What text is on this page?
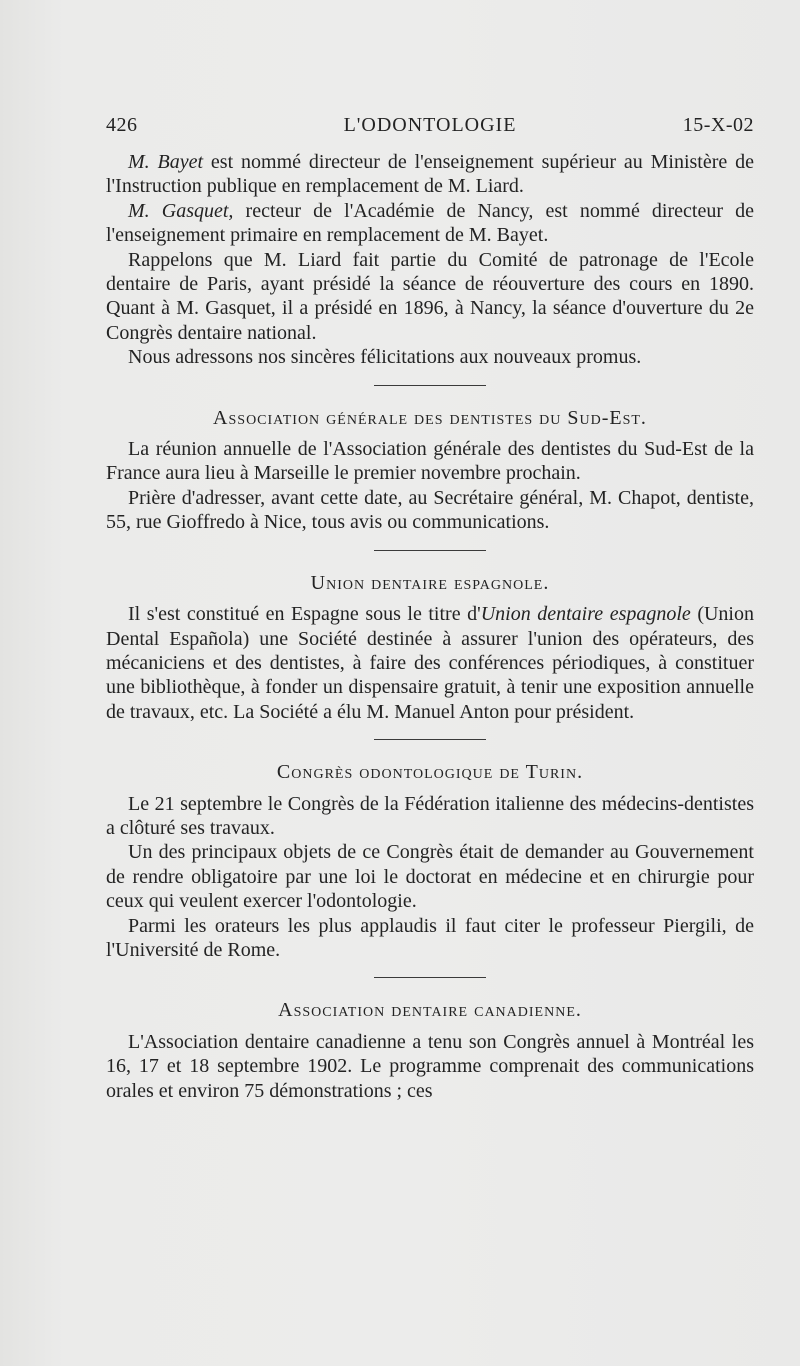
426	L'ODONTOLOGIE	15-X-02

M. Bayet est nommé directeur de l'enseignement supérieur au Ministère de l'Instruction publique en remplacement de M. Liard.

M. Gasquet, recteur de l'Académie de Nancy, est nommé directeur de l'enseignement primaire en remplacement de M. Bayet.

Rappelons que M. Liard fait partie du Comité de patronage de l'Ecole dentaire de Paris, ayant présidé la séance de réouverture des cours en 1890. Quant à M. Gasquet, il a présidé en 1896, à Nancy, la séance d'ouverture du 2e Congrès dentaire national.

Nous adressons nos sincères félicitations aux nouveaux promus.

Association générale des dentistes du Sud-Est.

La réunion annuelle de l'Association générale des dentistes du Sud-Est de la France aura lieu à Marseille le premier novembre prochain.

Prière d'adresser, avant cette date, au Secrétaire général, M. Chapot, dentiste, 55, rue Gioffredo à Nice, tous avis ou communications.

Union dentaire espagnole.

Il s'est constitué en Espagne sous le titre d'Union dentaire espagnole (Union Dental Española) une Société destinée à assurer l'union des opérateurs, des mécaniciens et des dentistes, à faire des conférences périodiques, à constituer une bibliothèque, à fonder un dispensaire gratuit, à tenir une exposition annuelle de travaux, etc. La Société a élu M. Manuel Anton pour président.

Congrès odontologique de Turin.

Le 21 septembre le Congrès de la Fédération italienne des médecins-dentistes a clôturé ses travaux.

Un des principaux objets de ce Congrès était de demander au Gouvernement de rendre obligatoire par une loi le doctorat en médecine et en chirurgie pour ceux qui veulent exercer l'odontologie.

Parmi les orateurs les plus applaudis il faut citer le professeur Piergili, de l'Université de Rome.

Association dentaire canadienne.

L'Association dentaire canadienne a tenu son Congrès annuel à Montréal les 16, 17 et 18 septembre 1902. Le programme comprenait des communications orales et environ 75 démonstrations ; ces
